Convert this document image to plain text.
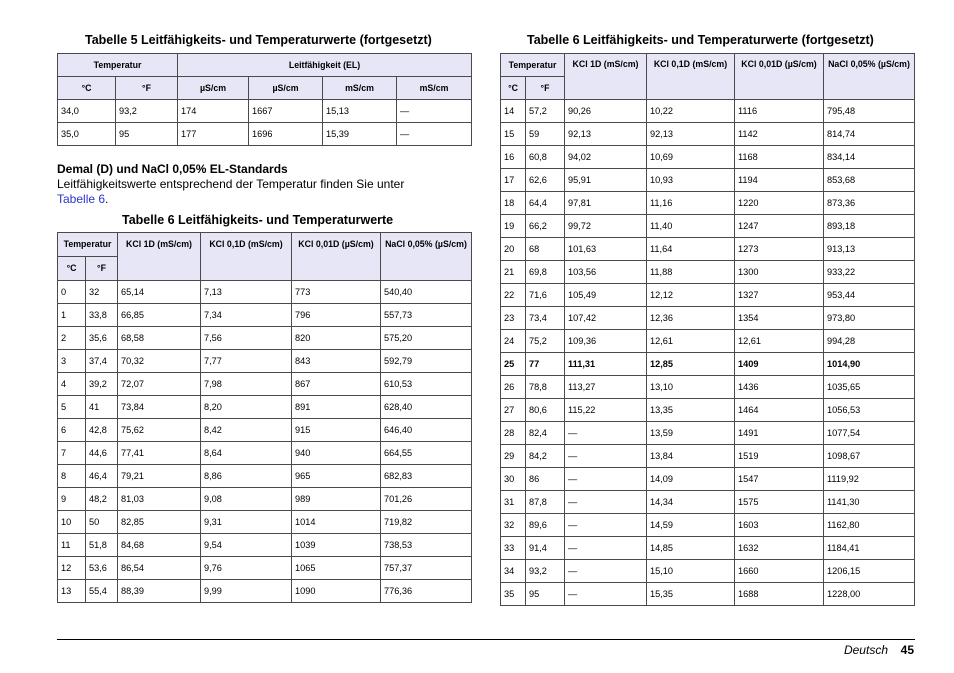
Tabelle 5 Leitfähigkeits- und Temperaturwerte (fortgesetzt)
Temperatur		Leitfähigkeit (EL)			
°C	°F	µS/cm	µS/cm	mS/cm	mS/cm
34,0	93,2	174	1667	15,13	—
35,0	95	177	1696	15,39	—
Demal (D) und NaCl 0,05% EL-Standards
Leitfähigkeitswerte entsprechend der Temperatur finden Sie unter
Tabelle 6.
Tabelle 6 Leitfähigkeits- und Temperaturwerte
Temperatur		KCl 1D (mS/cm)	KCl 0,1D (mS/cm)	KCl 0,01D (µS/cm)	NaCl 0,05% (µS/cm)
°C	°F				
0	32	65,14	7,13	773	540,40
1	33,8	66,85	7,34	796	557,73
2	35,6	68,58	7,56	820	575,20
3	37,4	70,32	7,77	843	592,79
4	39,2	72,07	7,98	867	610,53
5	41	73,84	8,20	891	628,40
6	42,8	75,62	8,42	915	646,40
7	44,6	77,41	8,64	940	664,55
8	46,4	79,21	8,86	965	682,83
9	48,2	81,03	9,08	989	701,26
10	50	82,85	9,31	1014	719,82
11	51,8	84,68	9,54	1039	738,53
12	53,6	86,54	9,76	1065	757,37
13	55,4	88,39	9,99	1090	776,36
Tabelle 6 Leitfähigkeits- und Temperaturwerte (fortgesetzt)
Temperatur		KCl 1D (mS/cm)	KCl 0,1D (mS/cm)	KCl 0,01D (µS/cm)	NaCl 0,05% (µS/cm)
°C	°F				
14	57,2	90,26	10,22	1116	795,48
15	59	92,13	92,13	1142	814,74
16	60,8	94,02	10,69	1168	834,14
17	62,6	95,91	10,93	1194	853,68
18	64,4	97,81	11,16	1220	873,36
19	66,2	99,72	11,40	1247	893,18
20	68	101,63	11,64	1273	913,13
21	69,8	103,56	11,88	1300	933,22
22	71,6	105,49	12,12	1327	953,44
23	73,4	107,42	12,36	1354	973,80
24	75,2	109,36	12,61	12,61	994,28
25	77	111,31	12,85	1409	1014,90
26	78,8	113,27	13,10	1436	1035,65
27	80,6	115,22	13,35	1464	1056,53
28	82,4	—	13,59	1491	1077,54
29	84,2	—	13,84	1519	1098,67
30	86	—	14,09	1547	1119,92
31	87,8	—	14,34	1575	1141,30
32	89,6	—	14,59	1603	1162,80
33	91,4	—	14,85	1632	1184,41
34	93,2	—	15,10	1660	1206,15
35	95	—	15,35	1688	1228,00
Deutsch 45
